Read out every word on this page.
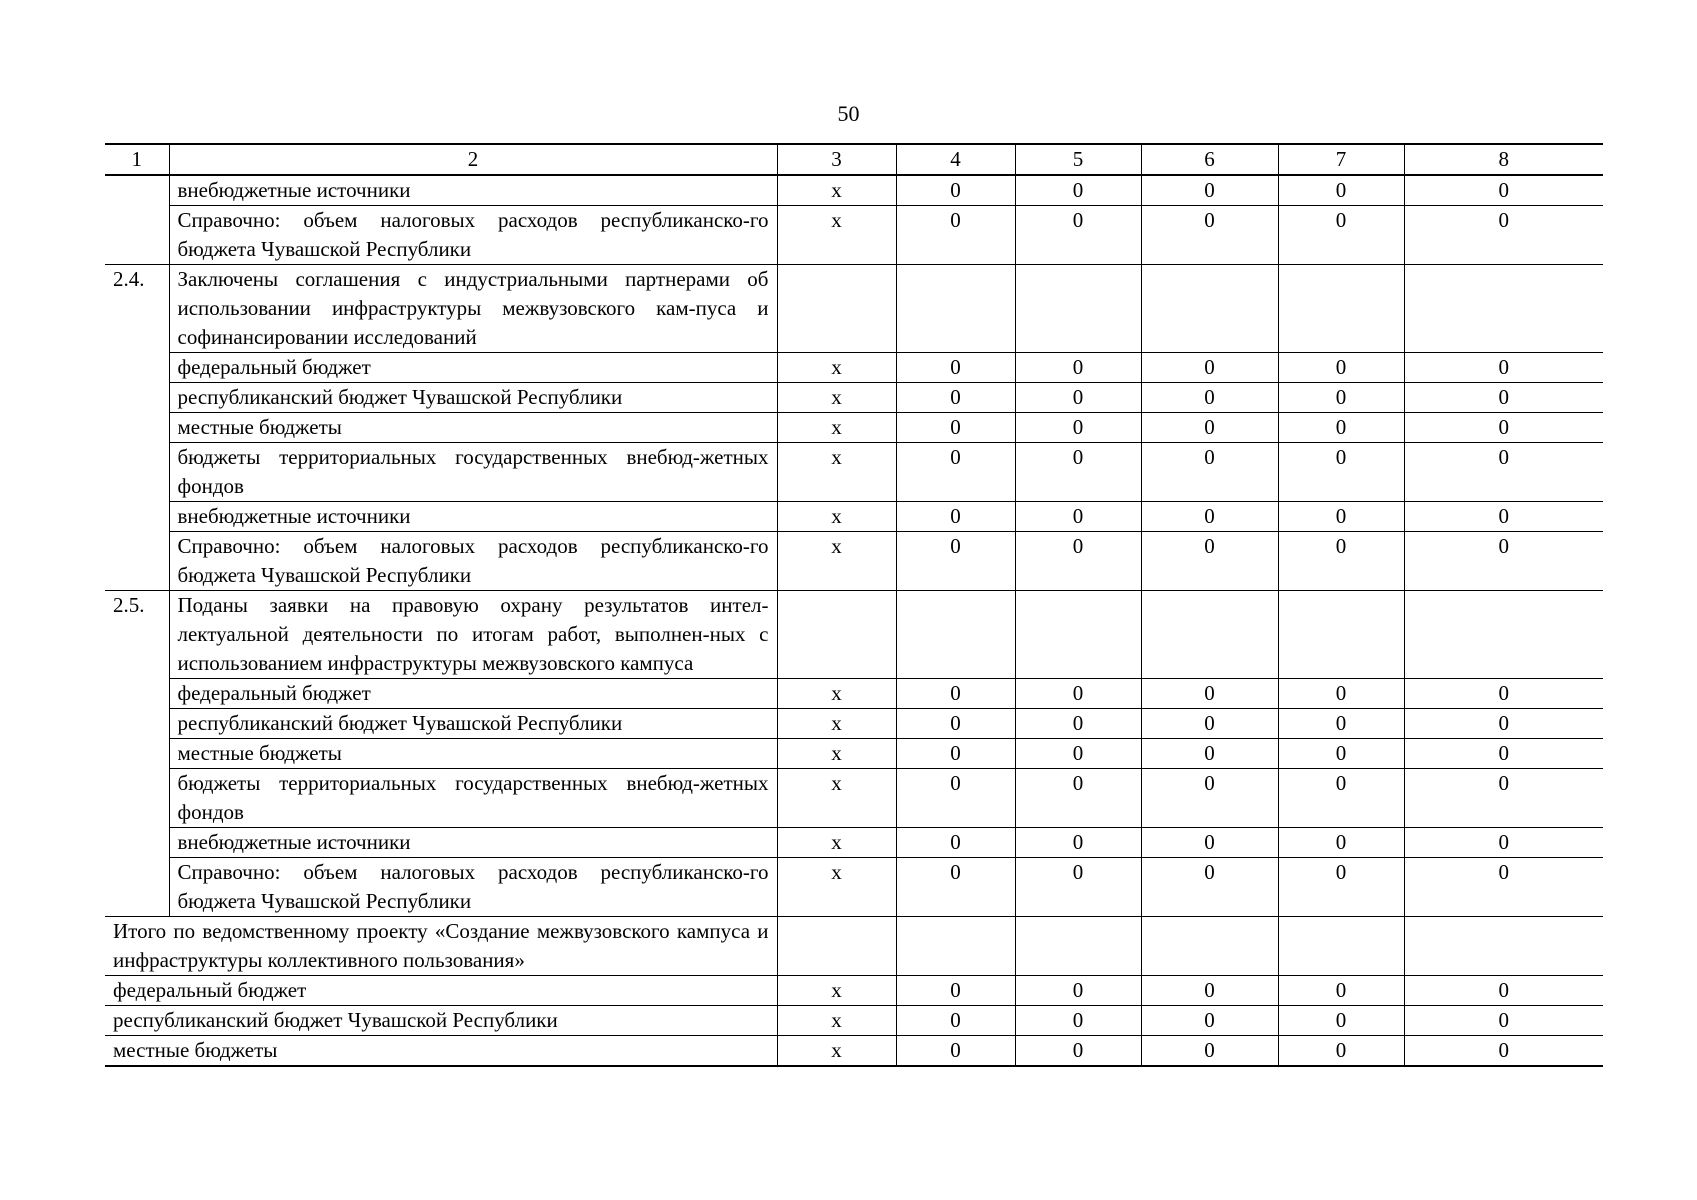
50
1	2	3	4	5	6	7	8
	внебюджетные источники	х	0	0	0	0	0
	Справочно: объем налоговых расходов республиканско-го бюджета Чувашской Республики	х	0	0	0	0	0
2.4.	Заключены соглашения с индустриальными партнерами об использовании инфраструктуры межвузовского кам-пуса и софинансировании исследований						
	федеральный бюджет	х	0	0	0	0	0
	республиканский бюджет Чувашской Республики	х	0	0	0	0	0
	местные бюджеты	х	0	0	0	0	0
	бюджеты территориальных государственных внебюд-жетных фондов	х	0	0	0	0	0
	внебюджетные источники	х	0	0	0	0	0
	Справочно: объем налоговых расходов республиканско-го бюджета Чувашской Республики	х	0	0	0	0	0
2.5.	Поданы заявки на правовую охрану результатов интел-лектуальной деятельности по итогам работ, выполнен-ных с использованием инфраструктуры межвузовского кампуса						
	федеральный бюджет	х	0	0	0	0	0
	республиканский бюджет Чувашской Республики	х	0	0	0	0	0
	местные бюджеты	х	0	0	0	0	0
	бюджеты территориальных государственных внебюд-жетных фондов	х	0	0	0	0	0
	внебюджетные источники	х	0	0	0	0	0
	Справочно: объем налоговых расходов республиканско-го бюджета Чувашской Республики	х	0	0	0	0	0
Итого по ведомственному проекту «Создание межвузовского кампуса и инфраструктуры коллективного пользования»							
федеральный бюджет		х	0	0	0	0	0
республиканский бюджет Чувашской Республики		х	0	0	0	0	0
местные бюджеты		х	0	0	0	0	0
